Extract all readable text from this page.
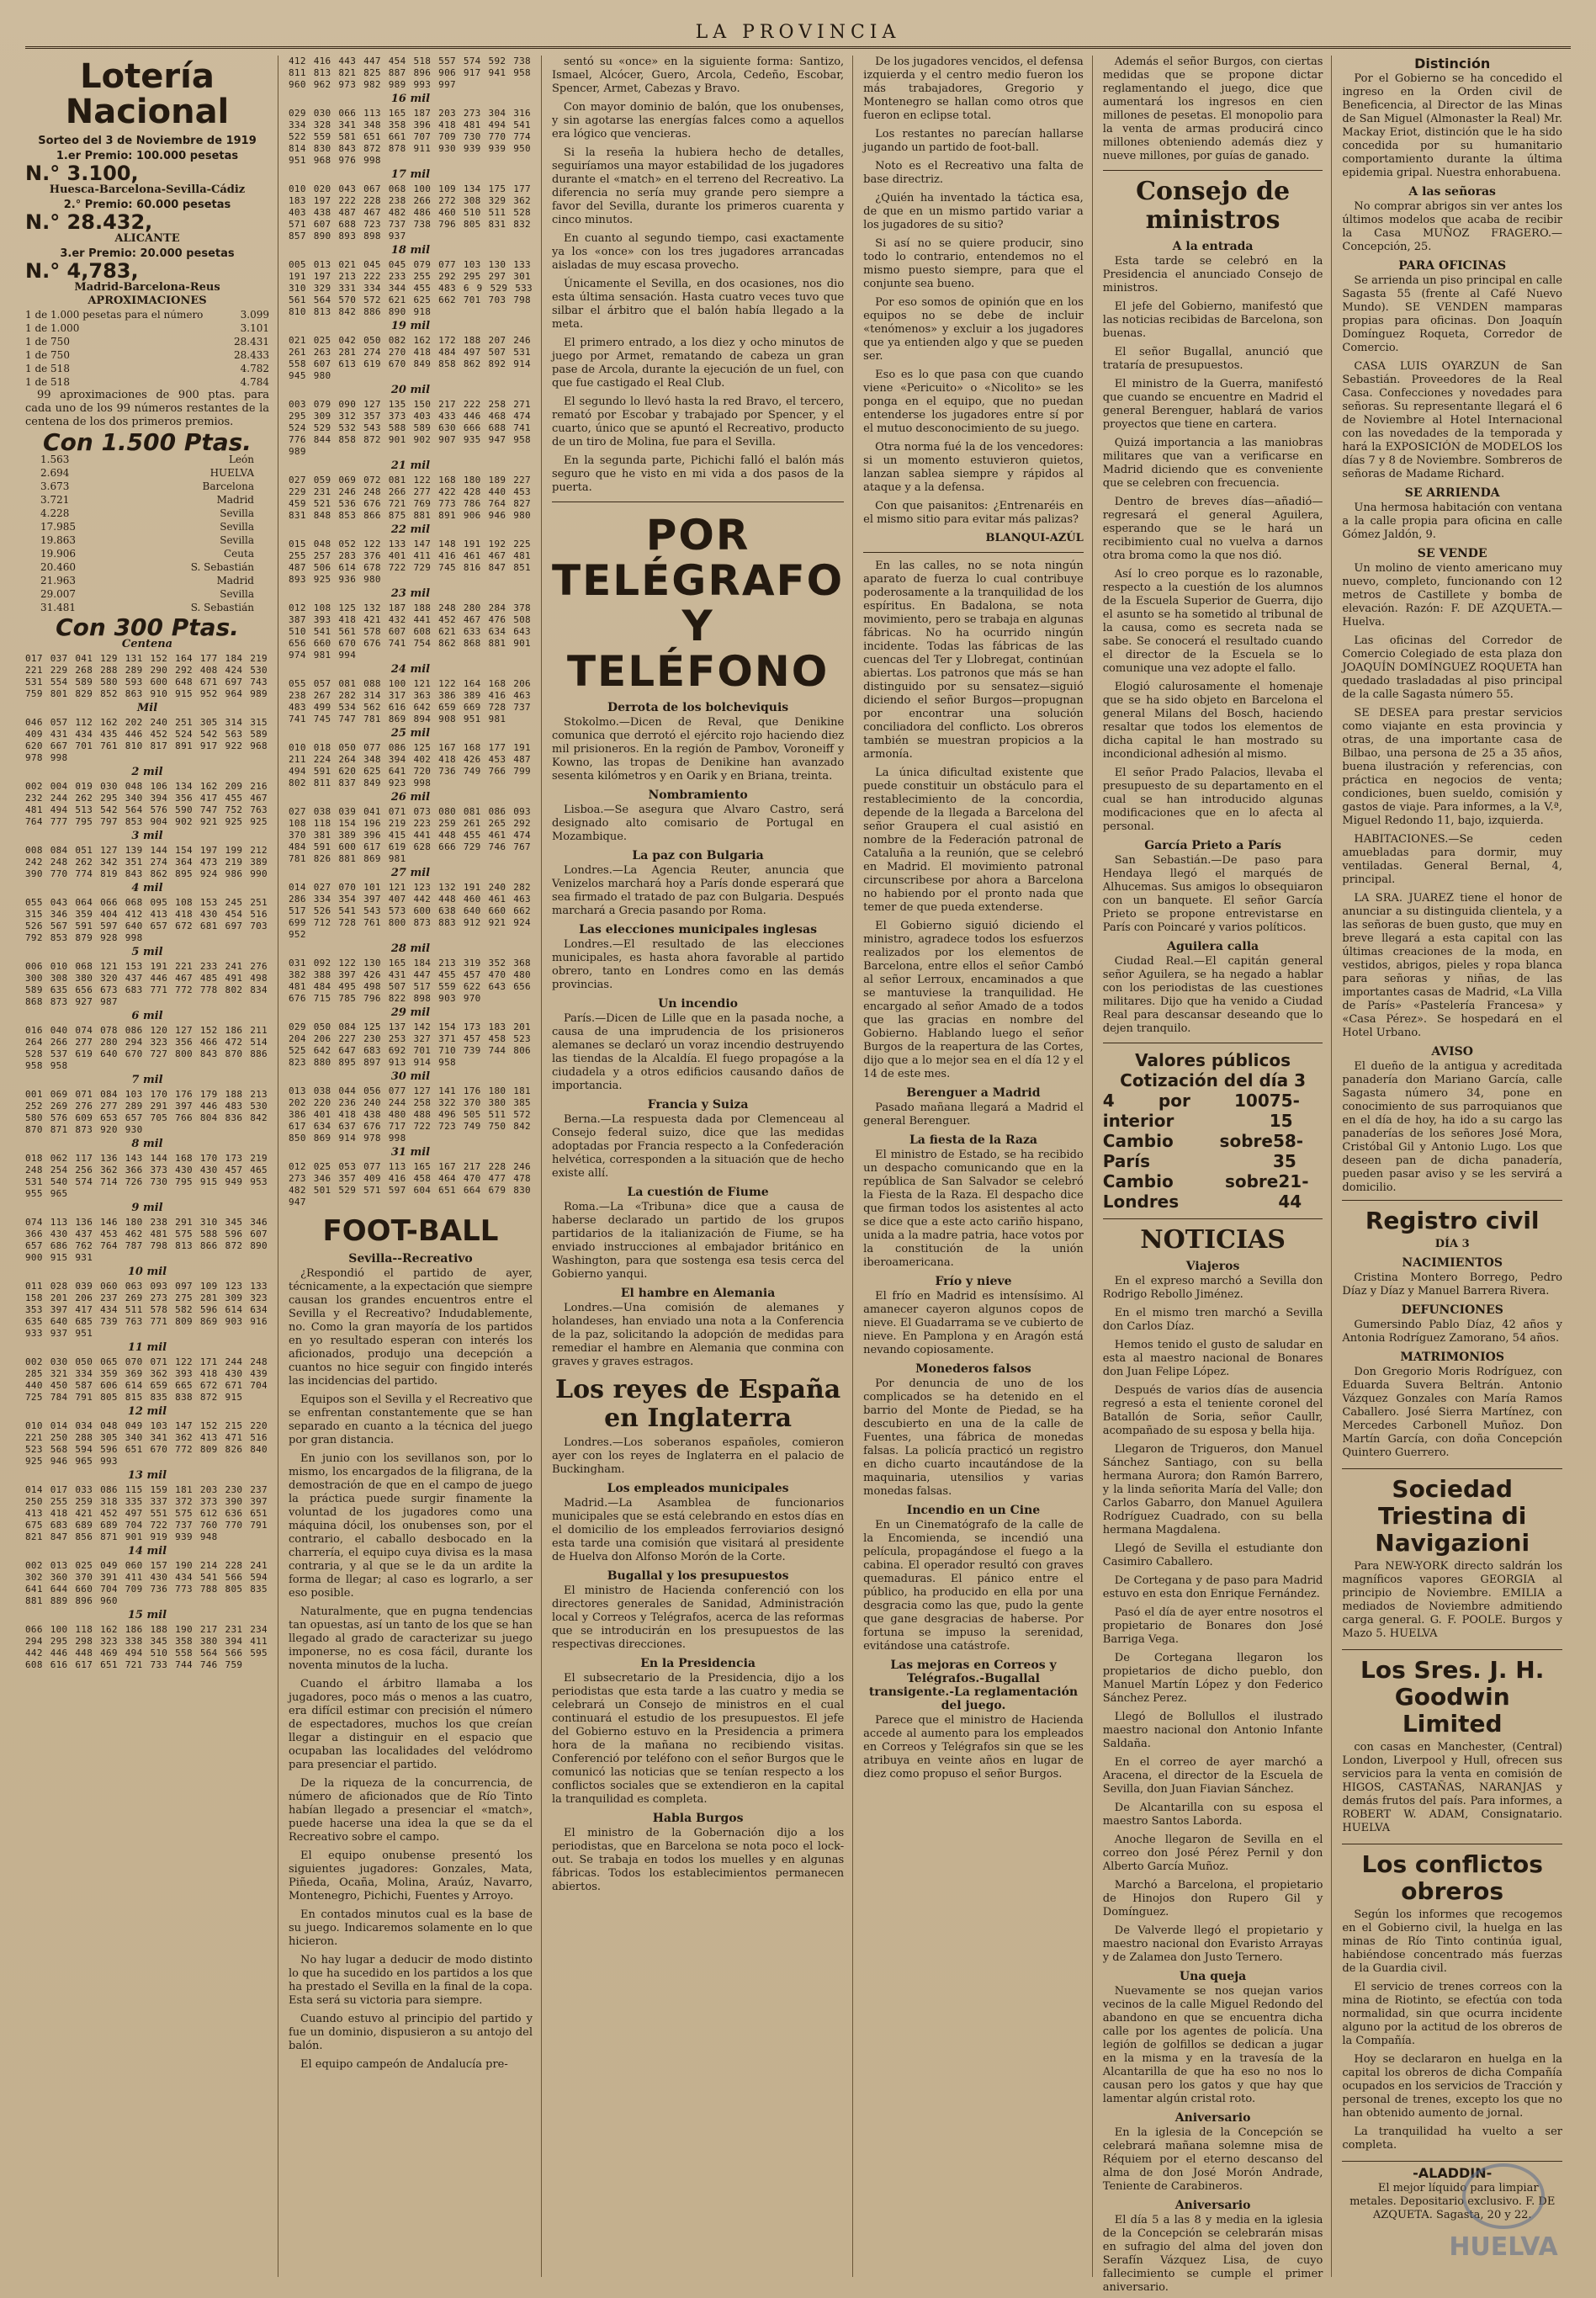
LA PROVINCIA
Lotería Nacional
Sorteo del 3 de Noviembre de 1919
1.er Premio: 100.000 pesetas
N.° 3.100,
Huesca-Barcelona-Sevilla-Cádiz
2.° Premio: 60.000 pesetas
N.° 28.432,
ALICANTE
3.er Premio: 20.000 pesetas
N.° 4,783,
Madrid-Barcelona-Reus
APROXIMACIONES
1 de 1.000 pesetas para el número	3.099
1 de 1.000	3.101
1 de 750	28.431
1 de 750	28.433
1 de 518	4.782
1 de 518	4.784

99 aproximaciones de 900 ptas. para cada uno de los 99 números restantes de la centena de los dos primeros premios.

Con 1.500 Ptas.
1.563	León
2.694	HUELVA
3.673	Barcelona
3.721	Madrid
4.228	Sevilla
17.985	Sevilla
19.863	Sevilla
19.906	Ceuta
20.460	S. Sebastián
21.963	Madrid
29.007	Sevilla
31.481	S. Sebastián
Con 300 Ptas.
Centena
017 037 041 129 131 152 164 177 184 219 221 229 268 288 289 290 292 408 424 530 531 554 589 580 593 600 648 671 697 743 759 801 829 852 863 910 915 952 964 989
Mil
046 057 112 162 202 240 251 305 314 315 409 431 434 435 446 452 524 542 563 589 620 667 701 761 810 817 891 917 922 968 978 998
2 mil
002 004 019 030 048 106 134 162 209 216 232 244 262 295 340 394 356 417 455 467 481 494 513 542 564 576 590 747 752 763 764 777 795 797 853 904 902 921 925 925
3 mil
008 084 051 127 139 144 154 197 199 212 242 248 262 342 351 274 364 473 219 389 390 770 774 819 843 862 895 924 986 990
4 mil
055 043 064 066 068 095 108 153 245 251 315 346 359 404 412 413 418 430 454 516 526 567 591 597 640 657 672 681 697 703 792 853 879 928 998
5 mil
006 010 068 121 153 191 221 233 241 276 300 308 380 320 437 446 467 485 491 498 589 635 656 673 683 771 772 778 802 834 868 873 927 987
6 mil
016 040 074 078 086 120 127 152 186 211 264 266 277 280 294 323 356 466 472 514 528 537 619 640 670 727 800 843 870 886 958 958
7 mil
001 069 071 084 103 170 176 179 188 213 252 269 276 277 289 291 397 446 483 530 580 576 609 653 657 705 766 804 836 842 870 871 873 920 930
8 mil
018 062 117 136 143 144 168 170 173 219 248 254 256 362 366 373 430 430 457 465 531 540 574 714 726 730 795 915 949 953 955 965
9 mil
074 113 136 146 180 238 291 310 345 346 366 430 437 453 462 481 575 588 596 607 657 686 762 764 787 798 813 866 872 890 900 915 931
10 mil
011 028 039 060 063 093 097 109 123 133 158 201 206 237 269 273 275 281 309 323 353 397 417 434 511 578 582 596 614 634 635 640 685 739 763 771 809 869 903 916 933 937 951
11 mil
002 030 050 065 070 071 122 171 244 248 285 321 334 359 369 362 393 418 430 439 440 450 587 606 614 659 665 672 671 704 725 784 791 805 815 835 838 872 915
12 mil
010 014 034 048 049 103 147 152 215 220 221 250 288 305 340 341 362 413 471 516 523 568 594 596 651 670 772 809 826 840 925 946 965 993
13 mil
014 017 033 086 115 159 181 203 230 237 250 255 259 318 335 337 372 373 390 397 413 418 421 452 497 551 575 612 636 651 675 683 689 689 704 722 737 760 770 791 821 847 856 871 901 919 939 948
14 mil
002 013 025 049 060 157 190 214 228 241 302 360 370 391 411 430 434 541 566 594 641 644 660 704 709 736 773 788 805 835 881 889 896 960
15 mil
066 100 118 162 186 188 190 217 231 234 294 295 298 323 338 345 358 380 394 411 442 446 448 469 494 510 558 564 566 595 608 616 617 651 721 733 744 746 759
412 416 443 447 454 518 557 574 592 738 811 813 821 825 887 896 906 917 941 958 960 962 973 982 989 993 997
16 mil
029 030 066 113 165 187 203 273 304 316 334 328 341 348 358 396 418 481 494 541 522 559 581 651 661 707 709 730 770 774 814 830 843 872 878 911 930 939 939 950 951 968 976 998
17 mil
010 020 043 067 068 100 109 134 175 177 183 197 222 228 238 266 272 308 329 362 403 438 487 467 482 486 460 510 511 528 571 607 688 723 737 738 796 805 831 832 857 890 893 898 937
18 mil
005 013 021 045 045 079 077 103 130 133 191 197 213 222 233 255 292 295 297 301 310 329 331 334 344 455 483 6 9 529 533 561 564 570 572 621 625 662 701 703 798 810 813 842 886 890 918
19 mil
021 025 042 050 082 162 172 188 207 246 261 263 281 274 270 418 484 497 507 531 558 607 613 619 670 849 858 862 892 914 945 980
20 mil
003 079 090 127 135 150 217 222 258 271 295 309 312 357 373 403 433 446 468 474 524 529 532 543 588 589 630 666 688 741 776 844 858 872 901 902 907 935 947 958 989
21 mil
027 059 069 072 081 122 168 180 189 227 229 231 246 248 266 277 422 428 440 453 459 521 536 676 721 769 773 786 764 827 831 848 853 866 875 881 891 906 946 980
22 mil
015 048 052 122 133 147 148 191 192 225 255 257 283 376 401 411 416 461 467 481 487 506 614 678 722 729 745 816 847 851 893 925 936 980
23 mil
012 108 125 132 187 188 248 280 284 378 387 393 418 421 432 441 452 467 476 508 510 541 561 578 607 608 621 633 634 643 656 660 670 676 741 754 862 868 881 901 974 981 994
24 mil
055 057 081 088 100 121 122 164 168 206 238 267 282 314 317 363 386 389 416 463 483 499 534 562 616 642 659 669 728 737 741 745 747 781 869 894 908 951 981
25 mil
010 018 050 077 086 125 167 168 177 191 211 224 264 348 394 402 418 426 453 487 494 591 620 625 641 720 736 749 766 799 802 811 837 849 923 998
26 mil
027 038 039 041 071 073 080 081 086 093 108 118 154 196 219 223 259 261 265 292 370 381 389 396 415 441 448 455 461 474 484 591 600 617 619 628 666 729 746 767 781 826 881 869 981
27 mil
014 027 070 101 121 123 132 191 240 282 286 334 354 397 407 442 448 460 461 463 517 526 541 543 573 600 638 640 660 662 699 712 728 761 800 873 883 912 921 924 952
28 mil
031 092 122 130 165 184 213 319 352 368 382 388 397 426 431 447 455 457 470 480 481 484 495 498 507 517 559 622 643 656 676 715 785 796 822 898 903 970
29 mil
029 050 084 125 137 142 154 173 183 201 204 206 227 230 253 327 371 457 458 523 525 642 647 683 692 701 710 739 744 806 823 880 895 897 913 914 958
30 mil
013 038 044 056 077 127 141 176 180 181 202 220 236 240 244 258 322 370 380 385 386 401 418 438 480 488 496 505 511 572 617 634 637 676 717 722 723 749 750 842 850 869 914 978 998
31 mil
012 025 053 077 113 165 167 217 228 246 273 346 357 409 416 458 464 470 477 478 482 501 529 571 597 604 651 664 679 830 947
FOOT-BALL
Sevilla--Recreativo

¿Respondió el partido de ayer, técnicamente, a la expectación que siempre causan los grandes encuentros entre el Sevilla y el Recreativo? Indudablemente, no. Como la gran mayoría de los partidos en yo resultado esperan con interés los aficionados, produjo una decepción a cuantos no hice seguir con fingido interés las incidencias del partido.

Equipos son el Sevilla y el Recreativo que se enfrentan constantemente que se han separado en cuanto a la técnica del juego por gran distancia.

En junio con los sevillanos son, por lo mismo, los encargados de la filigrana, de la demostración de que en el campo de juego la práctica puede surgir finamente la voluntad de los jugadores como una máquina dócil, los onubenses son, por el contrario, el caballo desbocado en la charrería, el equipo cuya divisa es la masa contraria, y al que se le da un ardite la forma de llegar; al caso es lograrlo, a ser eso posible.

Naturalmente, que en pugna tendencias tan opuestas, así un tanto de los que se han llegado al grado de caracterizar su juego imponerse, no es cosa fácil, durante los noventa minutos de la lucha.

Cuando el árbitro llamaba a los jugadores, poco más o menos a las cuatro, era difícil estimar con precisión el número de espectadores, muchos los que creían llegar a distinguir en el espacio que ocupaban las localidades del velódromo para presenciar el partido.

De la riqueza de la concurrencia, de número de aficionados que de Río Tinto habían llegado a presenciar el «match», puede hacerse una idea la que se da el Recreativo sobre el campo.

El equipo onubense presentó los siguientes jugadores: Gonzales, Mata, Piñeda, Ocaña, Molina, Araúz, Navarro, Montenegro, Pichichi, Fuentes y Arroyo.

En contados minutos cual es la base de su juego. Indicaremos solamente en lo que hicieron.

No hay lugar a deducir de modo distinto lo que ha sucedido en los partidos a los que ha prestado el Sevilla en la final de la copa. Esta será su victoria para siempre.

Cuando estuvo al principio del partido y fue un dominio, dispusieron a su antojo del balón.

El equipo campeón de Andalucía pre-

sentó su «once» en la siguiente forma: Santizo, Ismael, Alcócer, Guero, Arcola, Cedeño, Escobar, Spencer, Armet, Cabezas y Bravo.

Con mayor dominio de balón, que los onubenses, y sin agotarse las energías falces como a aquellos era lógico que vencieras.

Si la reseña la hubiera hecho de detalles, seguiríamos una mayor estabilidad de los jugadores durante el «match» en el terreno del Recreativo. La diferencia no sería muy grande pero siempre a favor del Sevilla, durante los primeros cuarenta y cinco minutos.

En cuanto al segundo tiempo, casi exactamente ya los «once» con los tres jugadores arrancadas aisladas de muy escasa provecho.

Únicamente el Sevilla, en dos ocasiones, nos dio esta última sensación. Hasta cuatro veces tuvo que silbar el árbitro que el balón había llegado a la meta.

El primero entrado, a los diez y ocho minutos de juego por Armet, rematando de cabeza un gran pase de Arcola, durante la ejecución de un fuel, con que fue castigado el Real Club.

El segundo lo llevó hasta la red Bravo, el tercero, remató por Escobar y trabajado por Spencer, y el cuarto, único que se apuntó el Recreativo, producto de un tiro de Molina, fue para el Sevilla.

En la segunda parte, Pichichi falló el balón más seguro que he visto en mi vida a dos pasos de la puerta.

POR TELÉGRAFO Y TELÉFONO
Derrota de los bolcheviquis

Stokolmo.—Dicen de Reval, que Denikine comunica que derrotó el ejército rojo haciendo diez mil prisioneros. En la región de Pambov, Voroneiff y Kowno, las tropas de Denikine han avanzado sesenta kilómetros y en Oarik y en Briana, treinta.

Nombramiento

Lisboa.—Se asegura que Alvaro Castro, será designado alto comisario de Portugal en Mozambique.

La paz con Bulgaria

Londres.—La Agencia Reuter, anuncia que Venizelos marchará hoy a París donde esperará que sea firmado el tratado de paz con Bulgaria. Después marchará a Grecia pasando por Roma.

Las elecciones municipales inglesas

Londres.—El resultado de las elecciones municipales, es hasta ahora favorable al partido obrero, tanto en Londres como en las demás provincias.

Un incendio

París.—Dicen de Lille que en la pasada noche, a causa de una imprudencia de los prisioneros alemanes se declaró un voraz incendio destruyendo las tiendas de la Alcaldía. El fuego propagóse a la ciudadela y a otros edificios causando daños de importancia.

Francia y Suiza

Berna.—La respuesta dada por Clemenceau al Consejo federal suizo, dice que las medidas adoptadas por Francia respecto a la Confederación helvética, corresponden a la situación que de hecho existe allí.

La cuestión de Fiume

Roma.—La «Tribuna» dice que a causa de haberse declarado un partido de los grupos partidarios de la italianización de Fiume, se ha enviado instrucciones al embajador británico en Washington, para que sostenga esa tesis cerca del Gobierno yanqui.

El hambre en Alemania

Londres.—Una comisión de alemanes y holandeses, han enviado una nota a la Conferencia de la paz, solicitando la adopción de medidas para remediar el hambre en Alemania que conmina con graves y graves estragos.

Los reyes de España en Inglaterra

Londres.—Los soberanos españoles, comieron ayer con los reyes de Inglaterra en el palacio de Buckingham.

Los empleados municipales

Madrid.—La Asamblea de funcionarios municipales que se está celebrando en estos días en el domicilio de los empleados ferroviarios designó esta tarde una comisión que visitará al presidente de Huelva don Alfonso Morón de la Corte.

Bugallal y los presupuestos

El ministro de Hacienda conferenció con los directores generales de Sanidad, Administración local y Correos y Telégrafos, acerca de las reformas que se introducirán en los presupuestos de las respectivas direcciones.

En la Presidencia

El subsecretario de la Presidencia, dijo a los periodistas que esta tarde a las cuatro y media se celebrará un Consejo de ministros en el cual continuará el estudio de los presupuestos. El jefe del Gobierno estuvo en la Presidencia a primera hora de la mañana no recibiendo visitas. Conferenció por teléfono con el señor Burgos que le comunicó las noticias que se tenían respecto a los conflictos sociales que se extendieron en la capital la tranquilidad es completa.

Habla Burgos

El ministro de la Gobernación dijo a los periodistas, que en Barcelona se nota poco el lock-out. Se trabaja en todos los muelles y en algunas fábricas. Todos los establecimientos permanecen abiertos.

De los jugadores vencidos, el defensa izquierda y el centro medio fueron los más trabajadores, Gregorio y Montenegro se hallan como otros que fueron en eclipse total.

Los restantes no parecían hallarse jugando un partido de foot-ball.

Noto es el Recreativo una falta de base directriz.

¿Quién ha inventado la táctica esa, de que en un mismo partido variar a los jugadores de su sitio?

Si así no se quiere producir, sino todo lo contrario, entendemos no el mismo puesto siempre, para que el conjunte sea bueno.

Por eso somos de opinión que en los equipos no se debe de incluir «tenómenos» y excluir a los jugadores que ya entienden algo y que se pueden ser.

Eso es lo que pasa con que cuando viene «Pericuito» o «Nicolito» se les ponga en el equipo, que no puedan entenderse los jugadores entre sí por el mutuo desconocimiento de su juego.

Otra norma fué la de los vencedores: si un momento estuvieron quietos, lanzan sablea siempre y rápidos al ataque y a la defensa.

Con que paisanitos: ¿Entrenaréis en el mismo sitio para evitar más palizas?

BLANQUI-AZÚL

En las calles, no se nota ningún aparato de fuerza lo cual contribuye poderosamente a la tranquilidad de los espíritus. En Badalona, se nota movimiento, pero se trabaja en algunas fábricas. No ha ocurrido ningún incidente. Todas las fábricas de las cuencas del Ter y Llobregat, continúan abiertas. Los patronos que más se han distinguido por su sensatez—siguió diciendo el señor Burgos—propugnan por encontrar una solución conciliadora del conflicto. Los obreros también se muestran propicios a la armonía.

La única dificultad existente que puede constituir un obstáculo para el restablecimiento de la concordia, depende de la llegada a Barcelona del señor Graupera el cual asistió en nombre de la Federación patronal de Cataluña a la reunión, que se celebró en Madrid. El movimiento patronal circunscribese por ahora a Barcelona no habiendo por el pronto nada que temer de que pueda extenderse.

El Gobierno siguió diciendo el ministro, agradece todos los esfuerzos realizados por los elementos de Barcelona, entre ellos el señor Cambó al señor Lerroux, encaminados a que se mantuviese la tranquilidad. He encargado al señor Amado de a todos que las gracias en nombre del Gobierno. Hablando luego el señor Burgos de la reapertura de las Cortes, dijo que a lo mejor sea en el día 12 y el 14 de este mes.

Berenguer a Madrid

Pasado mañana llegará a Madrid el general Berenguer.

La fiesta de la Raza

El ministro de Estado, se ha recibido un despacho comunicando que en la república de San Salvador se celebró la Fiesta de la Raza. El despacho dice que firman todos los asistentes al acto se dice que a este acto cariño hispano, unida a la madre patria, hace votos por la constitución de la unión iberoamericana.

Frío y nieve

El frío en Madrid es intensísimo. Al amanecer cayeron algunos copos de nieve. El Guadarrama se ve cubierto de nieve. En Pamplona y en Aragón está nevando copiosamente.

Monederos falsos

Por denuncia de uno de los complicados se ha detenido en el barrio del Monte de Piedad, se ha descubierto en una de la calle de Fuentes, una fábrica de monedas falsas. La policía practicó un registro en dicho cuarto incautándose de la maquinaria, utensilios y varias monedas falsas.

Incendio en un Cine

En un Cinematógrafo de la calle de la Encomienda, se incendió una película, propagándose el fuego a la cabina. El operador resultó con graves quemaduras. El pánico entre el público, ha producido en ella por una desgracia como las que, pudo la gente que gane desgracias de haberse. Por fortuna se impuso la serenidad, evitándose una catástrofe.

Las mejoras en Correos y Telégrafos.-Bugallal transigente.-La reglamentación del juego.

Parece que el ministro de Hacienda accede al aumento para los empleados en Correos y Telégrafos sin que se les atribuya en veinte años en lugar de diez como propuso el señor Burgos.

Además el señor Burgos, con ciertas medidas que se propone dictar reglamentando el juego, dice que aumentará los ingresos en cien millones de pesetas. El monopolio para la venta de armas producirá cinco millones obteniendo además diez y nueve millones, por guías de ganado.

Consejo de ministros
A la entrada

Esta tarde se celebró en la Presidencia el anunciado Consejo de ministros.

El jefe del Gobierno, manifestó que las noticias recibidas de Barcelona, son buenas.

El señor Bugallal, anunció que trataría de presupuestos.

El ministro de la Guerra, manifestó que cuando se encuentre en Madrid el general Berenguer, hablará de varios proyectos que tiene en cartera.

Quizá importancia a las maniobras militares que van a verificarse en Madrid diciendo que es conveniente que se celebren con frecuencia.

Dentro de breves días—añadió—regresará el general Aguilera, esperando que se le hará un recibimiento cual no vuelva a darnos otra broma como la que nos dió.

Así lo creo porque es lo razonable, respecto a la cuestión de los alumnos de la Escuela Superior de Guerra, dijo el asunto se ha sometido al tribunal de la causa, como es secreta nada se sabe. Se conocerá el resultado cuando el director de la Escuela se lo comunique una vez adopte el fallo.

Elogió calurosamente el homenaje que se ha sido objeto en Barcelona el general Milans del Bosch, haciendo resaltar que todos los elementos de dicha capital le han mostrado su incondicional adhesión al mismo.

El señor Prado Palacios, llevaba el presupuesto de su departamento en el cual se han introducido algunas modificaciones que en lo afecta al personal.

García Prieto a París

San Sebastián.—De paso para Hendaya llegó el marqués de Alhucemas. Sus amigos lo obsequiaron con un banquete. El señor García Prieto se propone entrevistarse en París con Poincaré y varios políticos.

Aguilera calla

Ciudad Real.—El capitán general señor Aguilera, se ha negado a hablar con los periodistas de las cuestiones militares. Dijo que ha venido a Ciudad Real para descansar deseando que lo dejen tranquilo.

Valores públicos
Cotización del día 3
4 por 100 interior
75-15
Cambio sobre París
58-35
Cambio sobre Londres
21-44
NOTICIAS
Viajeros

En el expreso marchó a Sevilla don Rodrigo Rebollo Jiménez.

En el mismo tren marchó a Sevilla don Carlos Díaz.

Hemos tenido el gusto de saludar en esta al maestro nacional de Bonares don Juan Felipe López.

Después de varios días de ausencia regresó a esta el teniente coronel del Batallón de Soria, señor Caullr, acompañado de su esposa y bella hija.

Llegaron de Trigueros, don Manuel Sánchez Santiago, con su bella hermana Aurora; don Ramón Barrero, y la linda señorita María del Valle; don Carlos Gabarro, don Manuel Aguilera Rodríguez Cuadrado, con su bella hermana Magdalena.

Llegó de Sevilla el estudiante don Casimiro Caballero.

De Cortegana y de paso para Madrid estuvo en esta don Enrique Fernández.

Pasó el día de ayer entre nosotros el propietario de Bonares don José Barriga Vega.

De Cortegana llegaron los propietarios de dicho pueblo, don Manuel Martín López y don Federico Sánchez Perez.

Llegó de Bollullos el ilustrado maestro nacional don Antonio Infante Saldaña.

En el correo de ayer marchó a Aracena, el director de la Escuela de Sevilla, don Juan Fiavian Sánchez.

De Alcantarilla con su esposa el maestro Santos Laborda.

Anoche llegaron de Sevilla en el correo don José Pérez Pernil y don Alberto García Muñoz.

Marchó a Barcelona, el propietario de Hinojos don Rupero Gil y Domínguez.

De Valverde llegó el propietario y maestro nacional don Evaristo Arrayas y de Zalamea don Justo Ternero.

Una queja

Nuevamente se nos quejan varios vecinos de la calle Miguel Redondo del abandono en que se encuentra dicha calle por los agentes de policía. Una legión de golfillos se dedican a jugar en la misma y en la travesía de la Alcantarilla de que ha eso no nos lo causan pero los gatos y que hay que lamentar algún cristal roto.

Aniversario

En la iglesia de la Concepción se celebrará mañana solemne misa de Réquiem por el eterno descanso del alma de don José Morón Andrade, Teniente de Carabineros.

Aniversario

El día 5 a las 8 y media en la iglesia de la Concepción se celebrarán misas en sufragio del alma del joven don Serafín Vázquez Lisa, de cuyo fallecimiento se cumple el primer aniversario.

Distinción

Por el Gobierno se ha concedido el ingreso en la Orden civil de Beneficencia, al Director de las Minas de San Miguel (Almonaster la Real) Mr. Mackay Eriot, distinción que le ha sido concedida por su humanitario comportamiento durante la última epidemia gripal. Nuestra enhorabuena.

A las señoras

No comprar abrigos sin ver antes los últimos modelos que acaba de recibir la Casa MUÑOZ FRAGERO.—Concepción, 25.

PARA OFICINAS

Se arrienda un piso principal en calle Sagasta 55 (frente al Café Nuevo Mundo). SE VENDEN mamparas propias para oficinas. Don Joaquín Domínguez Roqueta, Corredor de Comercio.

CASA LUIS OYARZUN de San Sebastián. Proveedores de la Real Casa. Confecciones y novedades para señoras. Su representante llegará el 6 de Noviembre al Hotel Internacional con las novedades de la temporada y hará la EXPOSICIÓN de MODELOS los días 7 y 8 de Noviembre. Sombreros de señoras de Madame Richard.

SE ARRIENDA

Una hermosa habitación con ventana a la calle propia para oficina en calle Gómez Jaldón, 9.

SE VENDE

Un molino de viento americano muy nuevo, completo, funcionando con 12 metros de Castillete y bomba de elevación. Razón: F. DE AZQUETA.—Huelva.

Las oficinas del Corredor de Comercio Colegiado de esta plaza don JOAQUÍN DOMÍNGUEZ ROQUETA han quedado trasladadas al piso principal de la calle Sagasta número 55.

SE DESEA para prestar servicios como viajante en esta provincia y otras, de una importante casa de Bilbao, una persona de 25 a 35 años, buena ilustración y referencias, con práctica en negocios de venta; condiciones, buen sueldo, comisión y gastos de viaje. Para informes, a la V.ª, Miguel Redondo 11, bajo, izquierda.

HABITACIONES.—Se ceden amuebladas para dormir, muy ventiladas. General Bernal, 4, principal.

LA SRA. JUAREZ tiene el honor de anunciar a su distinguida clientela, y a las señoras de buen gusto, que muy en breve llegará a esta capital con las últimas creaciones de la moda, en vestidos, abrigos, pieles y ropa blanca para señoras y niñas, de las importantes casas de Madrid, «La Villa de París» «Pastelería Francesa» y «Casa Pérez». Se hospedará en el Hotel Urbano.

AVISO

El dueño de la antigua y acreditada panadería don Mariano García, calle Sagasta número 34, pone en conocimiento de sus parroquianos que en el día de hoy, ha ido a su cargo las panaderías de los señores José Mora, Cristóbal Gil y Antonio Lugo. Los que deseen pan de dicha panadería, pueden pasar aviso y se les servirá a domicilio.

Registro civil
DÍA 3
NACIMIENTOS

Cristina Montero Borrego, Pedro Díaz y Díaz y Manuel Barrera Rivera.

DEFUNCIONES

Gumersindo Pablo Díaz, 42 años y Antonia Rodríguez Zamorano, 54 años.

MATRIMONIOS

Don Gregorio Moris Rodríguez, con Eduarda Suvera Beltrán. Antonio Vázquez Gonzales con María Ramos Caballero. José Sierra Martínez, con Mercedes Carbonell Muñoz. Don Martín García, con doña Concepción Quintero Guerrero.

Sociedad Triestina di Navigazioni

Para NEW-YORK directo saldrán los magníficos vapores GEORGIA al principio de Noviembre. EMILIA a mediados de Noviembre admitiendo carga general. G. F. POOLE. Burgos y Mazo 5. HUELVA

Los Sres. J. H. Goodwin Limited

con casas en Manchester, (Central) London, Liverpool y Hull, ofrecen sus servicios para la venta en comisión de HIGOS, CASTAÑAS, NARANJAS y demás frutos del país. Para informes, a ROBERT W. ADAM, Consignatario. HUELVA

Los conflictos obreros

Según los informes que recogemos en el Gobierno civil, la huelga en las minas de Río Tinto continúa igual, habiéndose concentrado más fuerzas de la Guardia civil.

El servicio de trenes correos con la mina de Riotinto, se efectúa con toda normalidad, sin que ocurra incidente alguno por la actitud de los obreros de la Compañía.

Hoy se declararon en huelga en la capital los obreros de dicha Compañía ocupados en los servicios de Tracción y personal de trenes, excepto los que no han obtenido aumento de jornal.

La tranquilidad ha vuelto a ser completa.

-ALADDIN-

El mejor líquido para limpiar metales. Depositario exclusivo. F. DE AZQUETA. Sagasta, 20 y 22.

HUELVA
